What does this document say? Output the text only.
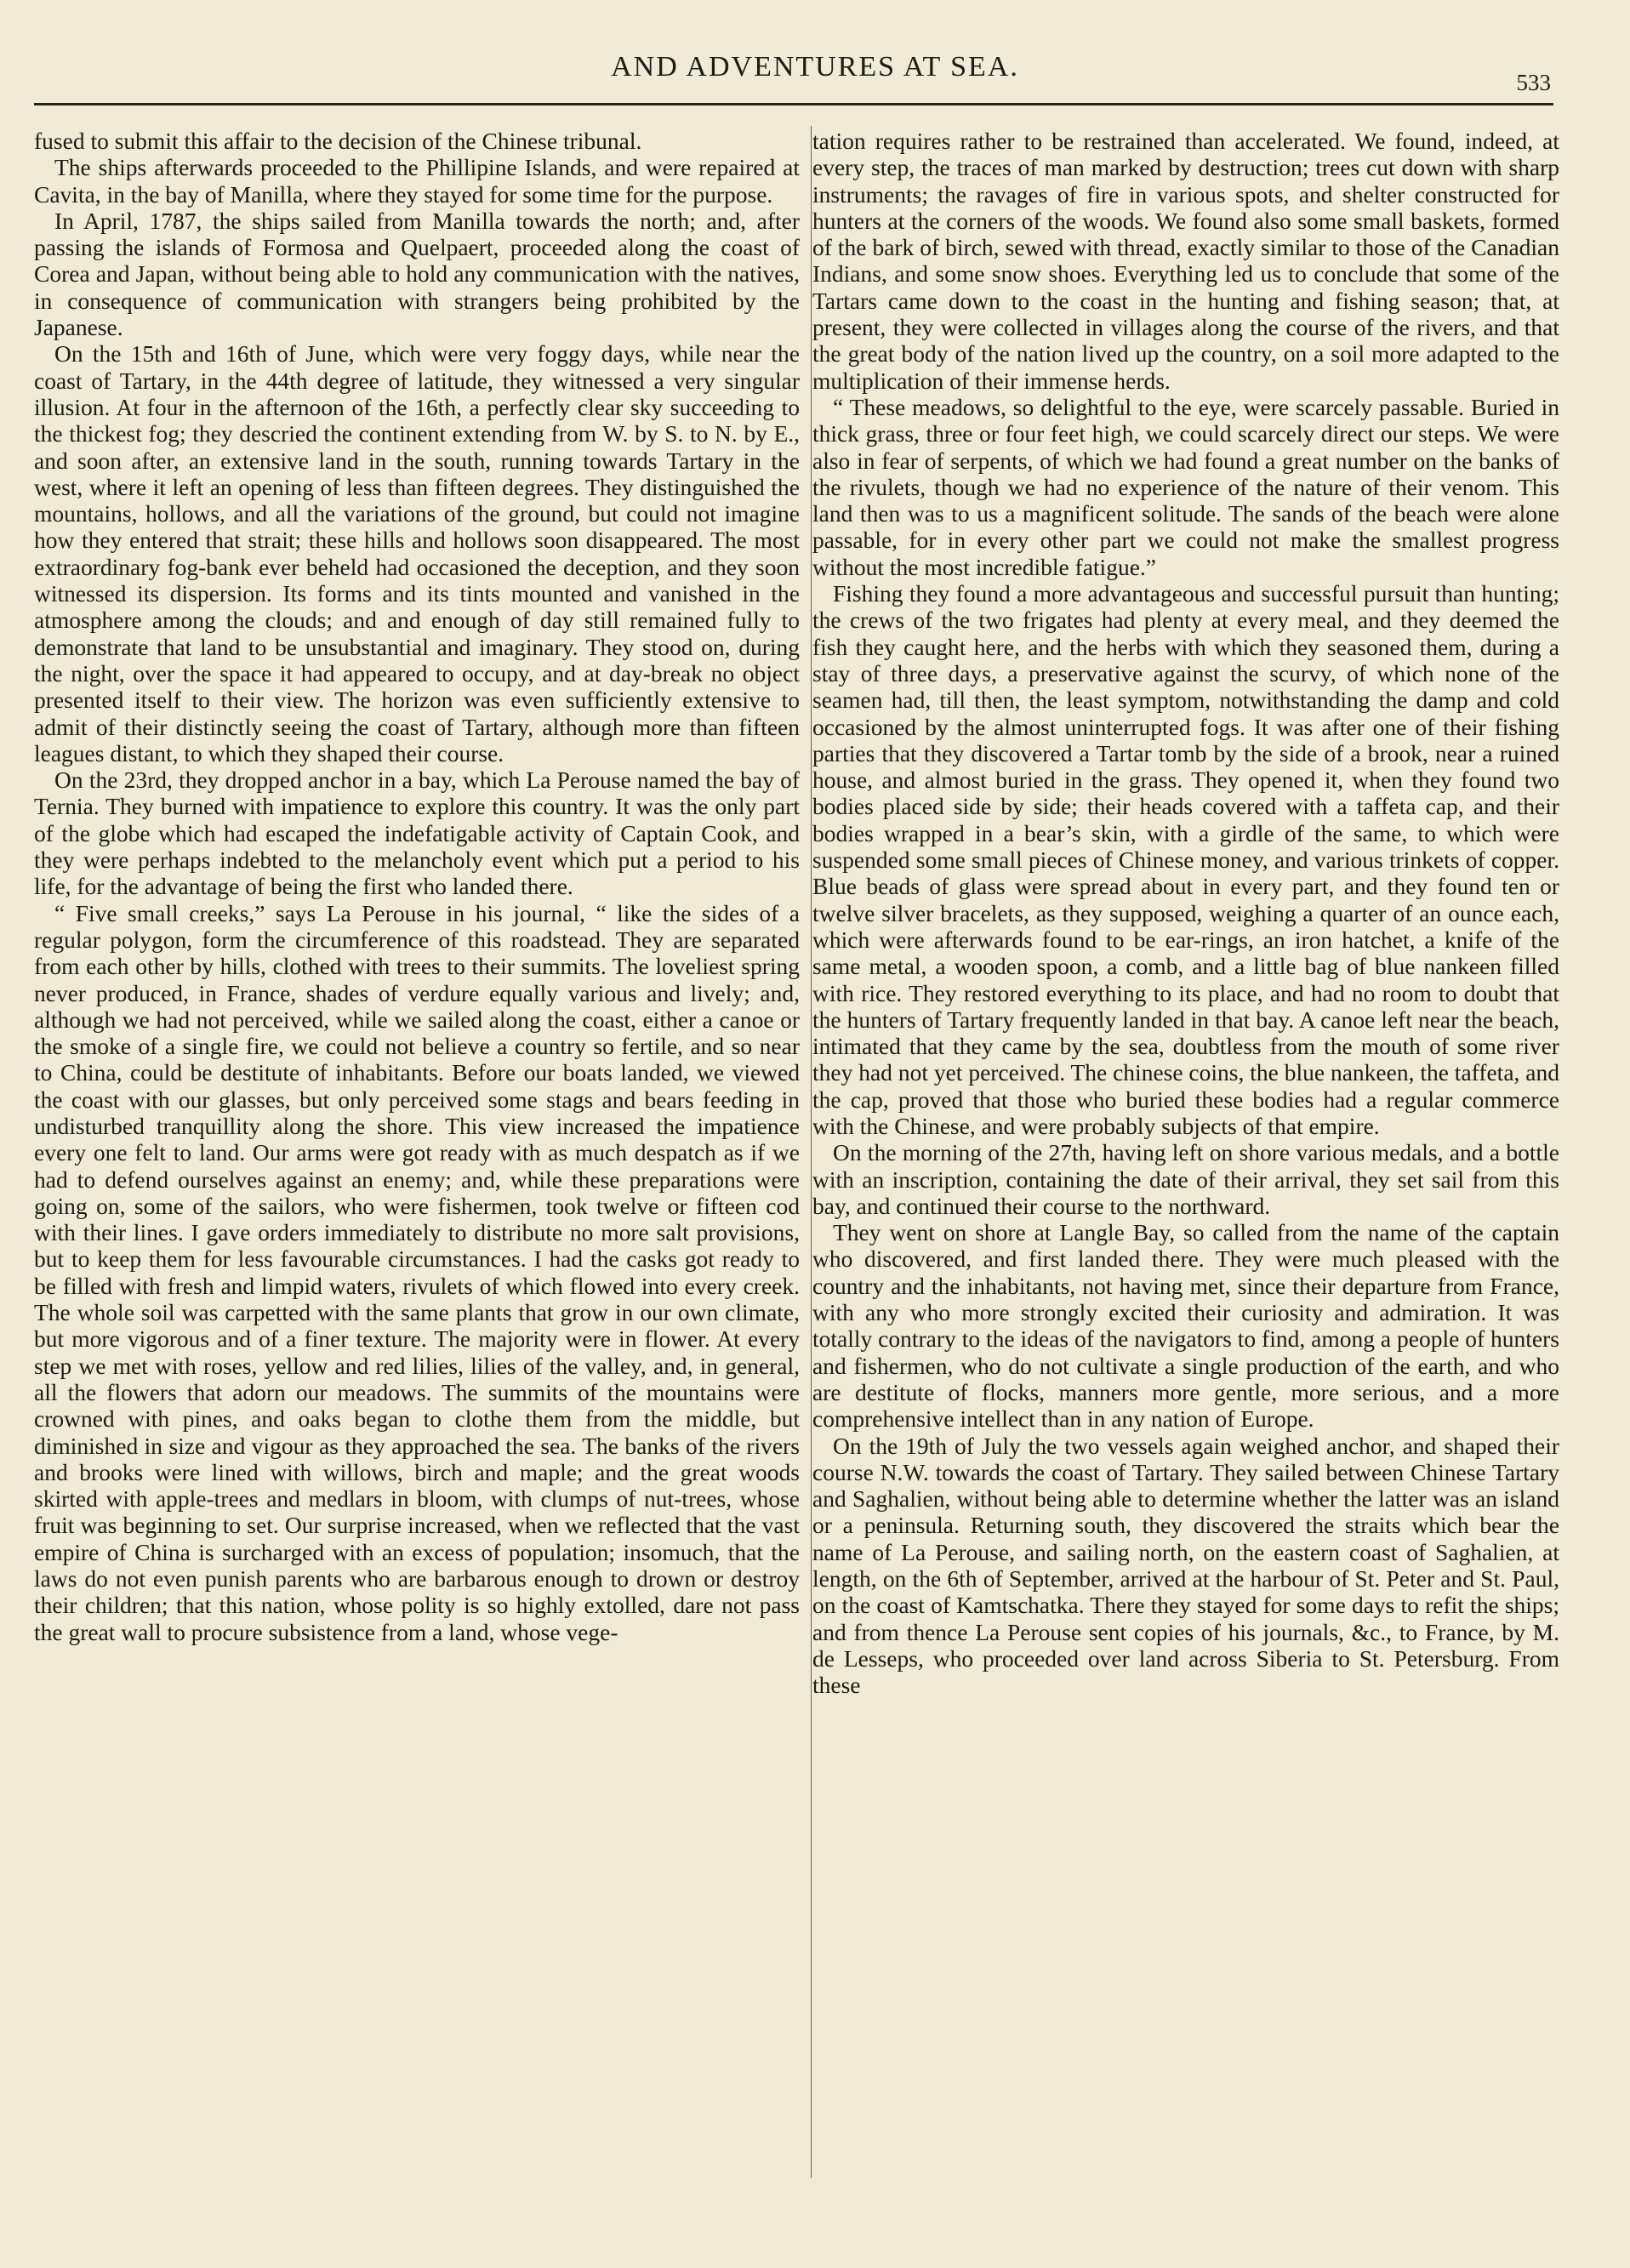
AND ADVENTURES AT SEA.	533

fused to submit this affair to the decision of the Chinese tribunal.

The ships afterwards proceeded to the Phillipine Islands, and were repaired at Cavita, in the bay of Manilla, where they stayed for some time for the purpose.

In April, 1787, the ships sailed from Manilla towards the north; and, after passing the islands of Formosa and Quelpaert, proceeded along the coast of Corea and Japan, without being able to hold any communication with the natives, in consequence of communication with strangers being prohibited by the Japanese.

On the 15th and 16th of June, which were very foggy days, while near the coast of Tartary, in the 44th degree of latitude, they witnessed a very singular illusion. At four in the afternoon of the 16th, a perfectly clear sky succeeding to the thickest fog; they descried the continent extending from W. by S. to N. by E., and soon after, an extensive land in the south, running towards Tartary in the west, where it left an opening of less than fifteen degrees. They distinguished the mountains, hollows, and all the variations of the ground, but could not imagine how they entered that strait; these hills and hollows soon disappeared. The most extraordinary fog-bank ever beheld had occasioned the deception, and they soon witnessed its dispersion. Its forms and its tints mounted and vanished in the atmosphere among the clouds; and and enough of day still remained fully to demonstrate that land to be unsubstantial and imaginary. They stood on, during the night, over the space it had appeared to occupy, and at day-break no object presented itself to their view. The horizon was even sufficiently extensive to admit of their distinctly seeing the coast of Tartary, although more than fifteen leagues distant, to which they shaped their course.

On the 23rd, they dropped anchor in a bay, which La Perouse named the bay of Ternia. They burned with impatience to explore this country. It was the only part of the globe which had escaped the indefatigable activity of Captain Cook, and they were perhaps indebted to the melancholy event which put a period to his life, for the advantage of being the first who landed there.

“ Five small creeks,” says La Perouse in his journal, “ like the sides of a regular polygon, form the circumference of this roadstead. They are separated from each other by hills, clothed with trees to their summits. The loveliest spring never produced, in France, shades of verdure equally various and lively; and, although we had not perceived, while we sailed along the coast, either a canoe or the smoke of a single fire, we could not believe a country so fertile, and so near to China, could be destitute of inhabitants. Before our boats landed, we viewed the coast with our glasses, but only perceived some stags and bears feeding in undisturbed tranquillity along the shore. This view increased the impatience every one felt to land. Our arms were got ready with as much despatch as if we had to defend ourselves against an enemy; and, while these preparations were going on, some of the sailors, who were fishermen, took twelve or fifteen cod with their lines. I gave orders immediately to distribute no more salt provisions, but to keep them for less favourable circumstances. I had the casks got ready to be filled with fresh and limpid waters, rivulets of which flowed into every creek. The whole soil was carpetted with the same plants that grow in our own climate, but more vigorous and of a finer texture. The majority were in flower. At every step we met with roses, yellow and red lilies, lilies of the valley, and, in general, all the flowers that adorn our meadows. The summits of the mountains were crowned with pines, and oaks began to clothe them from the middle, but diminished in size and vigour as they approached the sea. The banks of the rivers and brooks were lined with willows, birch and maple; and the great woods skirted with apple-trees and medlars in bloom, with clumps of nut-trees, whose fruit was beginning to set. Our surprise increased, when we reflected that the vast empire of China is surcharged with an excess of population; insomuch, that the laws do not even punish parents who are barbarous enough to drown or destroy their children; that this nation, whose polity is so highly extolled, dare not pass the great wall to procure subsistence from a land, whose vege-

tation requires rather to be restrained than accelerated. We found, indeed, at every step, the traces of man marked by destruction; trees cut down with sharp instruments; the ravages of fire in various spots, and shelter constructed for hunters at the corners of the woods. We found also some small baskets, formed of the bark of birch, sewed with thread, exactly similar to those of the Canadian Indians, and some snow shoes. Everything led us to conclude that some of the Tartars came down to the coast in the hunting and fishing season; that, at present, they were collected in villages along the course of the rivers, and that the great body of the nation lived up the country, on a soil more adapted to the multiplication of their immense herds.

“ These meadows, so delightful to the eye, were scarcely passable. Buried in thick grass, three or four feet high, we could scarcely direct our steps. We were also in fear of serpents, of which we had found a great number on the banks of the rivulets, though we had no experience of the nature of their venom. This land then was to us a magnificent solitude. The sands of the beach were alone passable, for in every other part we could not make the smallest progress without the most incredible fatigue.”

Fishing they found a more advantageous and successful pursuit than hunting; the crews of the two frigates had plenty at every meal, and they deemed the fish they caught here, and the herbs with which they seasoned them, during a stay of three days, a preservative against the scurvy, of which none of the seamen had, till then, the least symptom, notwithstanding the damp and cold occasioned by the almost uninterrupted fogs. It was after one of their fishing parties that they discovered a Tartar tomb by the side of a brook, near a ruined house, and almost buried in the grass. They opened it, when they found two bodies placed side by side; their heads covered with a taffeta cap, and their bodies wrapped in a bear’s skin, with a girdle of the same, to which were suspended some small pieces of Chinese money, and various trinkets of copper. Blue beads of glass were spread about in every part, and they found ten or twelve silver bracelets, as they supposed, weighing a quarter of an ounce each, which were afterwards found to be ear-rings, an iron hatchet, a knife of the same metal, a wooden spoon, a comb, and a little bag of blue nankeen filled with rice. They restored everything to its place, and had no room to doubt that the hunters of Tartary frequently landed in that bay. A canoe left near the beach, intimated that they came by the sea, doubtless from the mouth of some river they had not yet perceived. The chinese coins, the blue nankeen, the taffeta, and the cap, proved that those who buried these bodies had a regular commerce with the Chinese, and were probably subjects of that empire.

On the morning of the 27th, having left on shore various medals, and a bottle with an inscription, containing the date of their arrival, they set sail from this bay, and continued their course to the northward.

They went on shore at Langle Bay, so called from the name of the captain who discovered, and first landed there. They were much pleased with the country and the inhabitants, not having met, since their departure from France, with any who more strongly excited their curiosity and admiration. It was totally contrary to the ideas of the navigators to find, among a people of hunters and fishermen, who do not cultivate a single production of the earth, and who are destitute of flocks, manners more gentle, more serious, and a more comprehensive intellect than in any nation of Europe.

On the 19th of July the two vessels again weighed anchor, and shaped their course N.W. towards the coast of Tartary. They sailed between Chinese Tartary and Saghalien, without being able to determine whether the latter was an island or a peninsula. Returning south, they discovered the straits which bear the name of La Perouse, and sailing north, on the eastern coast of Saghalien, at length, on the 6th of September, arrived at the harbour of St. Peter and St. Paul, on the coast of Kamtschatka. There they stayed for some days to refit the ships; and from thence La Perouse sent copies of his journals, &c., to France, by M. de Lesseps, who proceeded over land across Siberia to St. Petersburg. From these
